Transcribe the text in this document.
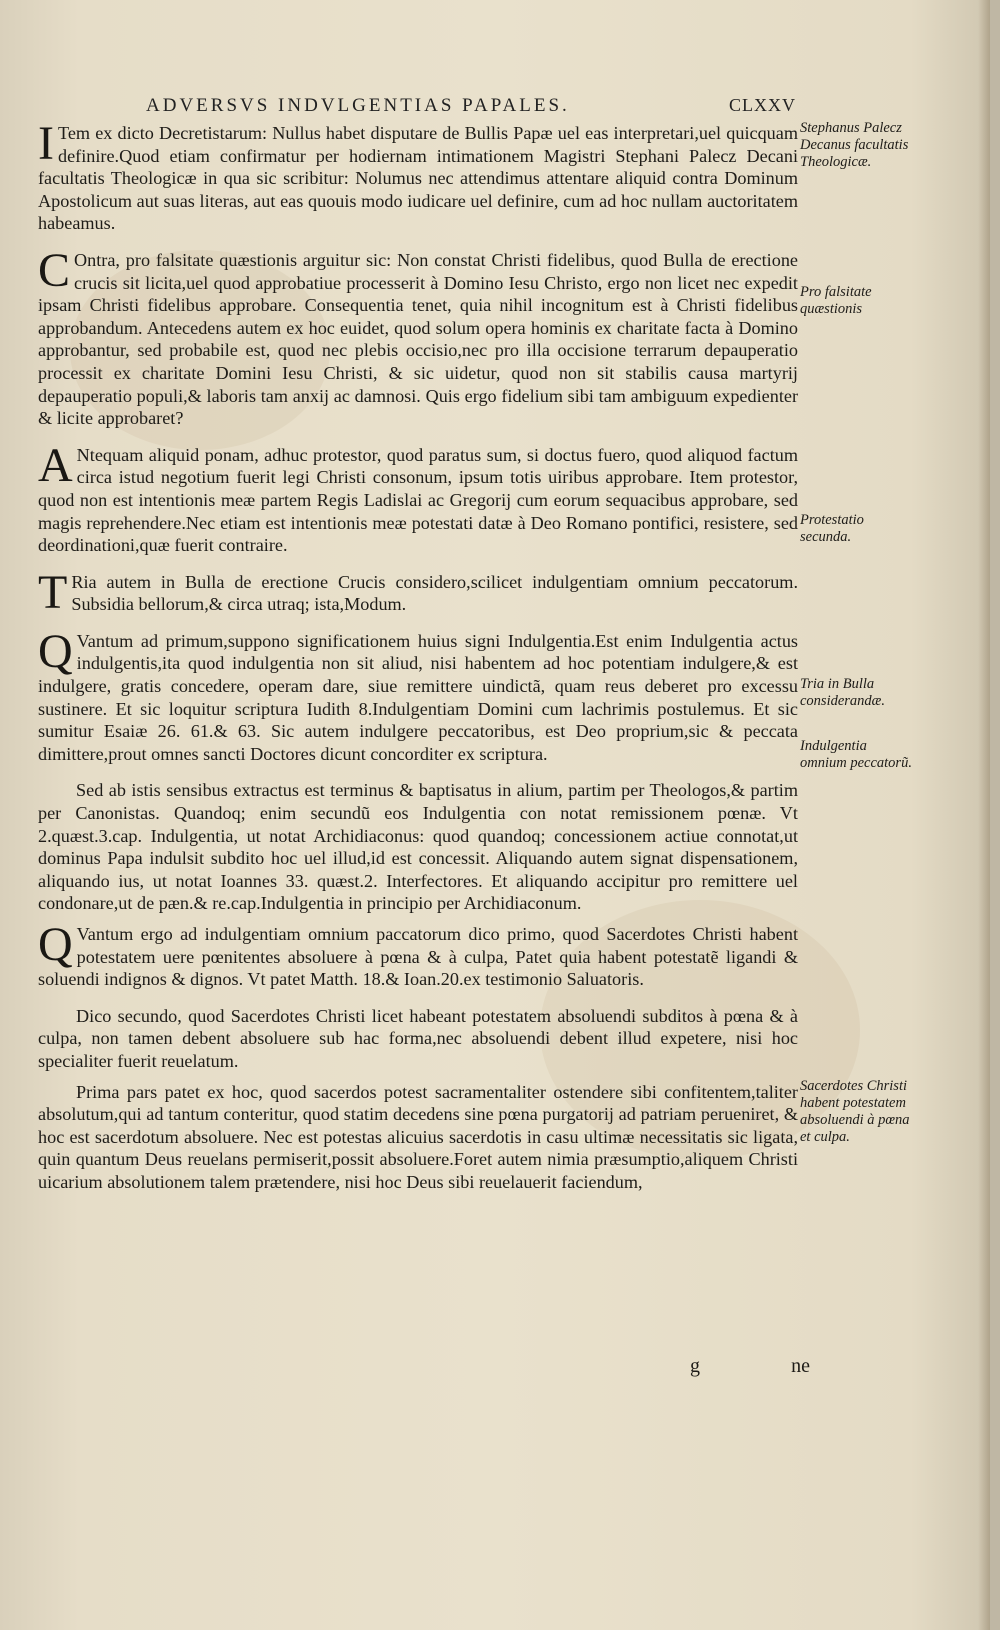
ADVERSVS INDVLGENTIAS PAPALES.	CLXXV

I Tem ex dicto Decretistarum: Nullus habet disputare de Bullis Papæ uel eas interpretari,uel quicquam definire.Quod etiam confirmatur per hodiernam intimationem Magistri Stephani Palecz Decani facultatis Theologicæ in qua sic scribitur: Nolumus nec attendimus attentare aliquid contra Dominum Apostolicum aut suas literas, aut eas quouis modo iudicare uel definire, cum ad hoc nullam auctoritatem habeamus.

C Ontra, pro falsitate quæstionis arguitur sic: Non constat Christi fidelibus, quod Bulla de erectione crucis sit licita,uel quod approbatiue processerit à Domino Iesu Christo, ergo non licet nec expedit ipsam Christi fidelibus approbare. Consequentia tenet, quia nihil incognitum est à Christi fidelibus approbandum. Antecedens autem ex hoc euidet, quod solum opera hominis ex charitate facta à Domino approbantur, sed probabile est, quod nec plebis occisio,nec pro illa occisione terrarum depauperatio processit ex charitate Domini Iesu Christi, & sic uidetur, quod non sit stabilis causa martyrij depauperatio populi,& laboris tam anxij ac damnosi. Quis ergo fidelium sibi tam ambiguum expedienter & licite approbaret?

A Ntequam aliquid ponam, adhuc protestor, quod paratus sum, si doctus fuero, quod aliquod factum circa istud negotium fuerit legi Christi consonum, ipsum totis uiribus approbare. Item protestor, quod non est intentionis meæ partem Regis Ladislai ac Gregorij cum eorum sequacibus approbare, sed magis reprehendere.Nec etiam est intentionis meæ potestati datæ à Deo Romano pontifici, resistere, sed deordinationi,quæ fuerit contraire.

T Ria autem in Bulla de erectione Crucis considero,scilicet indulgentiam omnium peccatorum. Subsidia bellorum,& circa utraq; ista,Modum.

Q Vantum ad primum,suppono significationem huius signi Indulgentia.Est enim Indulgentia actus indulgentis,ita quod indulgentia non sit aliud, nisi habentem ad hoc potentiam indulgere,& est indulgere, gratis concedere, operam dare, siue remittere uindictã, quam reus deberet pro excessu sustinere. Et sic loquitur scriptura Iudith 8.Indulgentiam Domini cum lachrimis postulemus. Et sic sumitur Esaiæ 26. 61.& 63. Sic autem indulgere peccatoribus, est Deo proprium,sic & peccata dimittere,prout omnes sancti Doctores dicunt concorditer ex scriptura.

Sed ab istis sensibus extractus est terminus & baptisatus in alium, partim per Theologos,& partim per Canonistas. Quandoq; enim secundũ eos Indulgentia con notat remissionem pœnæ. Vt 2.quæst.3.cap. Indulgentia, ut notat Archidiaconus: quod quandoq; concessionem actiue connotat,ut dominus Papa indulsit subdito hoc uel illud,id est concessit. Aliquando autem signat dispensationem, aliquando ius, ut notat Ioannes 33. quæst.2. Interfectores. Et aliquando accipitur pro remittere uel condonare,ut de pæn.& re.cap.Indulgentia in principio per Archidiaconum.

Q Vantum ergo ad indulgentiam omnium paccatorum dico primo, quod Sacerdotes Christi habent potestatem uere pœnitentes absoluere à pœna & à culpa, Patet quia habent potestatẽ ligandi & soluendi indignos & dignos. Vt patet Matth. 18.& Ioan.20.ex testimonio Saluatoris.

Dico secundo, quod Sacerdotes Christi licet habeant potestatem absoluendi subditos à pœna & à culpa, non tamen debent absoluere sub hac forma,nec absoluendi debent illud expetere, nisi hoc specialiter fuerit reuelatum.

Prima pars patet ex hoc, quod sacerdos potest sacramentaliter ostendere sibi confitentem,taliter absolutum,qui ad tantum conteritur, quod statim decedens sine pœna purgatorij ad patriam perueniret, & hoc est sacerdotum absoluere. Nec est potestas alicuius sacerdotis in casu ultimæ necessitatis sic ligata, quin quantum Deus reuelans permiserit,possit absoluere.Foret autem nimia præsumptio,aliquem Christi uicarium absolutionem talem prætendere, nisi hoc Deus sibi reuelauerit faciendum,

Stephanus Palecz Decanus facultatis Theologicæ.
Pro falsitate quæstionis
Protestatio secunda.
Tria in Bulla considerandæ.
Indulgentia omnium peccatorũ.
Sacerdotes Christi habent potestatem absoluendi à pœna et culpa.
g	ne
